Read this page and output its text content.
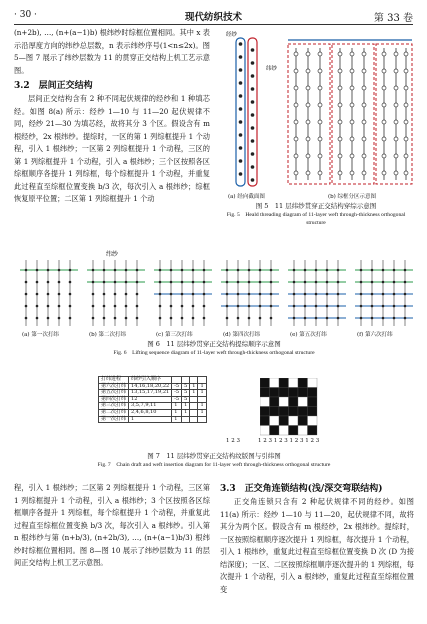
· 30 ·	现代纺织技术	第 33 卷

(n+2b), …, (n+(a−1)b) 根纬纱时综框位置相同。其中 x 表示沿厚度方向的纬纱总层数，n 表示纬纱序号(1<n≤2x)。图 5—图 7 展示了纬纱层数为 11 的贯穿正交结构上机工艺示意图。

3.2　层间正交结构

层间正交结构含有 2 种不同起伏规律的经纱和 1 种填芯经。如图 8(a) 所示：经纱 1—10 与 11—20 起伏规律不同，经纱 21—30 为填芯经，故将其分 3 个区。假设含有 m 根经纱，2x 根纬纱。提综时，一区的第 1 列综框提升 1 个动程，引入 1 根纬纱；一区第 2 列综框提升 1 个动程，三区的第 1 列综框提升 1 个动程，引入 a 根纬纱；三个区按照各区综框顺序各提升 1 列综框，每个综框提升 1 个动程，并重复此过程直至综框位置变换 b/3 次，每次引入 a 根纬纱；综框恢复原平位置；二区第 1 列综框提升 1 个动

经纱
纬纱
(a) 经向截面图	(b) 综框分区示意图
图 5　11 层纬纱贯穿正交结构穿综示意图
Fig. 5　Heald threading diagram of 11-layer weft through-thickness orthogonal structure
纬纱
(a) 第一次打纬	(b) 第二次打纬	(c) 第三次打纬	(d) 第四次打纬	(e) 第五次打纬	(f) 第六次打纬
图 6　11 层纬纱贯穿正交结构提综顺序示意图
Fig. 6　Lifting sequence diagram of 11-layer weft through-thickness orthogonal structure
打纬进程	纬纱引入顺序				
第六次打纬	14,16,18,20,22	-5	5	1	1
第五次打纬	13,15,17,19,21	-5	5	1	1
第四次打纬	12	-5	5		
第三次打纬	3,5,7,9,11	1	1		1
第二次打纬	2,4,6,8,10	1	1		1
第一次打纬	1	1			
1 2 3	1 2 3 1 2 3 1 2 3 1 2 3
图 7　11 层纬纱贯穿正交结构纹版图与引纬图
Fig. 7　Chain draft and weft insertion diagram for 11-layer weft through-thickness orthogonal structure

程，引入 1 根纬纱；二区第 2 列综框提升 1 个动程，三区第 1 列综框提升 1 个动程，引入 a 根纬纱；3 个区按照各区综框顺序各提升 1 列综框，每个综框提升 1 个动程，并重复此过程直至综框位置变换 b/3 次，每次引入 a 根纬纱。引入第 n 根纬纱与第 (n+b/3), (n+2b/3), …, (n+(a−1)b/3) 根纬纱时综框位置相同。图 8—图 10 展示了纬纱层数为 11 的层间正交结构上机工艺示意图。

3.3　正交角连锁结构(浅/深交弯联结构)

正交角连锁只含有 2 种起伏规律不同的经纱。如图 11(a) 所示：经纱 1—10 与 11—20，起伏规律不同，故将其分为两个区。假设含有 m 根经纱，2x 根纬纱。提综时，一区按照综框顺序逐次提升 1 列综框，每次提升 1 个动程，引入 1 根纬纱，重复此过程直至综框位置变换 D 次 (D 为接结深度)；一区、二区按照综框顺序逐次提升的 1 列综框，每次提升 1 个动程，引入 a 根纬纱，重复此过程直至综框位置变
